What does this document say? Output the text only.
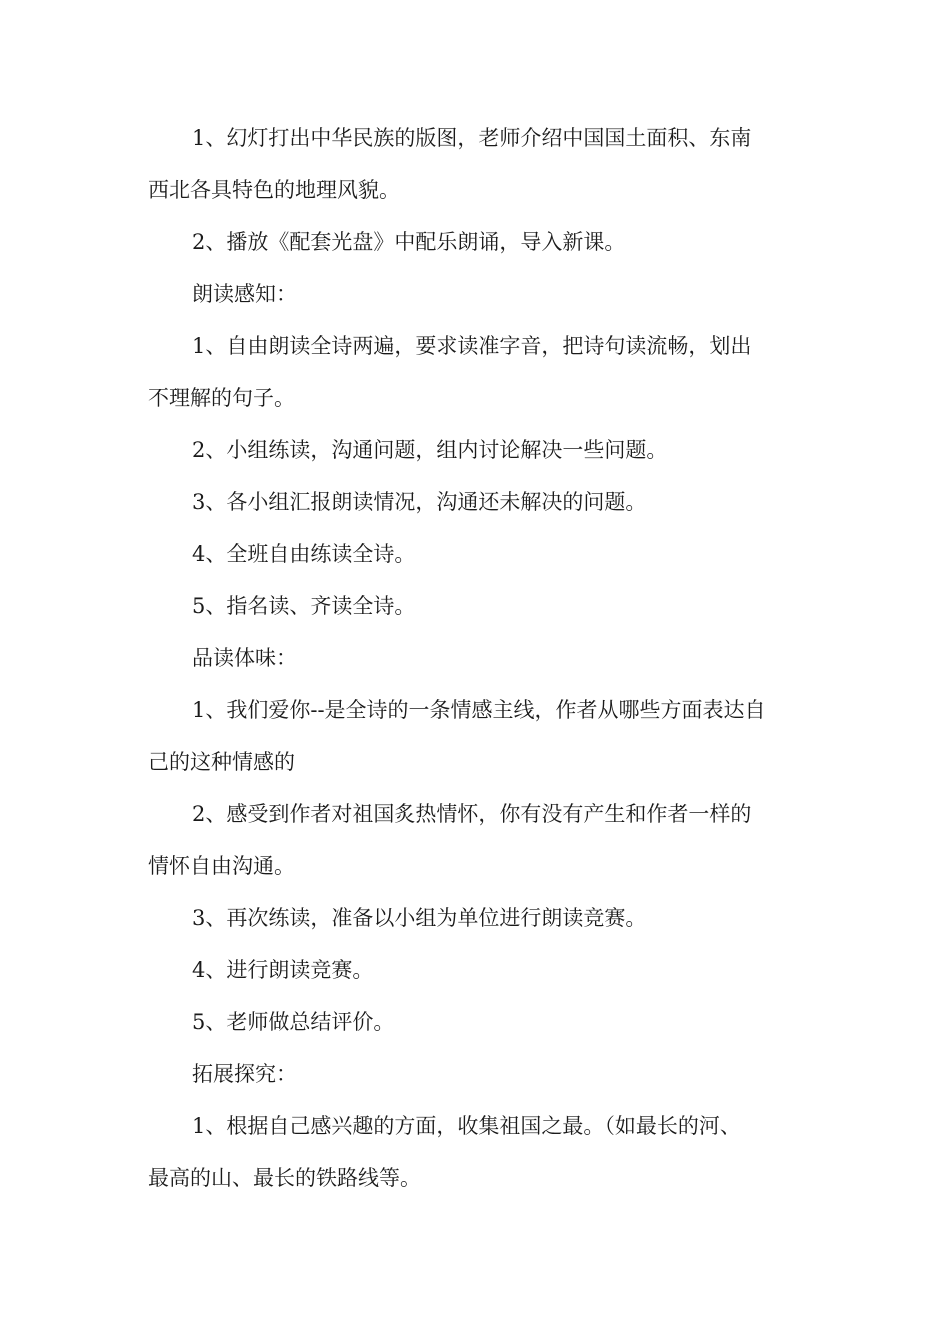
1、幻灯打出中华民族的版图，老师介绍中国国土面积、东南
西北各具特色的地理风貌。
2、播放《配套光盘》中配乐朗诵，导入新课。
朗读感知：
1、自由朗读全诗两遍，要求读准字音，把诗句读流畅，划出
不理解的句子。
2、小组练读，沟通问题，组内讨论解决一些问题。
3、各小组汇报朗读情况，沟通还未解决的问题。
4、全班自由练读全诗。
5、指名读、齐读全诗。
品读体味：
1、我们爱你--是全诗的一条情感主线，作者从哪些方面表达自
己的这种情感的
2、感受到作者对祖国炙热情怀，你有没有产生和作者一样的
情怀自由沟通。
3、再次练读，准备以小组为单位进行朗读竞赛。
4、进行朗读竞赛。
5、老师做总结评价。
拓展探究：
1、根据自己感兴趣的方面，收集祖国之最。（如最长的河、
最高的山、最长的铁路线等。
